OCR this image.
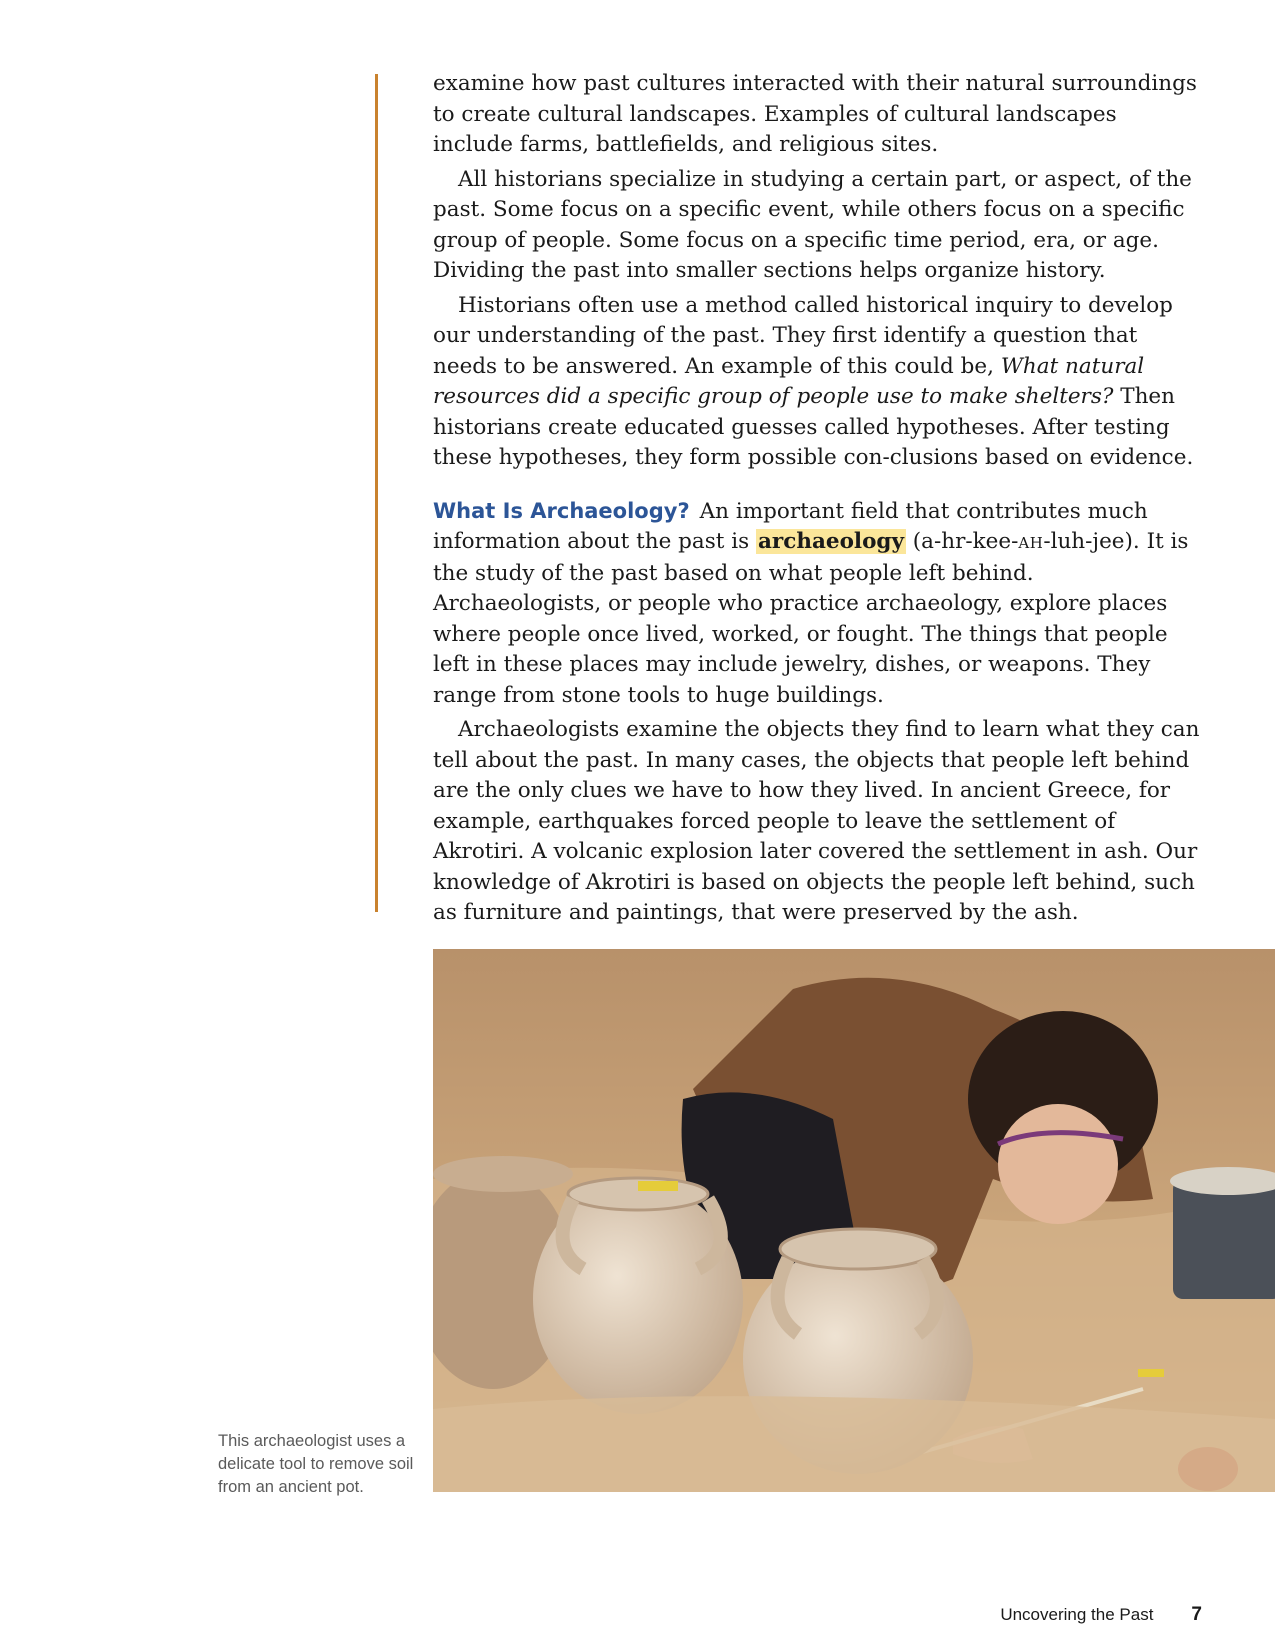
examine how past cultures interacted with their natural surroundings to create cultural landscapes. Examples of cultural landscapes include farms, battlefields, and religious sites.

All historians specialize in studying a certain part, or aspect, of the past. Some focus on a specific event, while others focus on a specific group of people. Some focus on a specific time period, era, or age. Dividing the past into smaller sections helps organize history.

Historians often use a method called historical inquiry to develop our understanding of the past. They first identify a question that needs to be answered. An example of this could be, What natural resources did a specific group of people use to make shelters? Then historians create educated guesses called hypotheses. After testing these hypotheses, they form possible con-clusions based on evidence.

What Is Archaeology? An important field that contributes much information about the past is archaeology (a-hr-kee-AH-luh-jee). It is the study of the past based on what people left behind. Archaeologists, or people who practice archaeology, explore places where people once lived, worked, or fought. The things that people left in these places may include jewelry, dishes, or weapons. They range from stone tools to huge buildings.

Archaeologists examine the objects they find to learn what they can tell about the past. In many cases, the objects that people left behind are the only clues we have to how they lived. In ancient Greece, for example, earthquakes forced people to leave the settlement of Akrotiri. A volcanic explosion later covered the settlement in ash. Our knowledge of Akrotiri is based on objects the people left behind, such as furniture and paintings, that were preserved by the ash.

This archaeologist uses a delicate tool to remove soil from an ancient pot.
Uncovering the Past 7
